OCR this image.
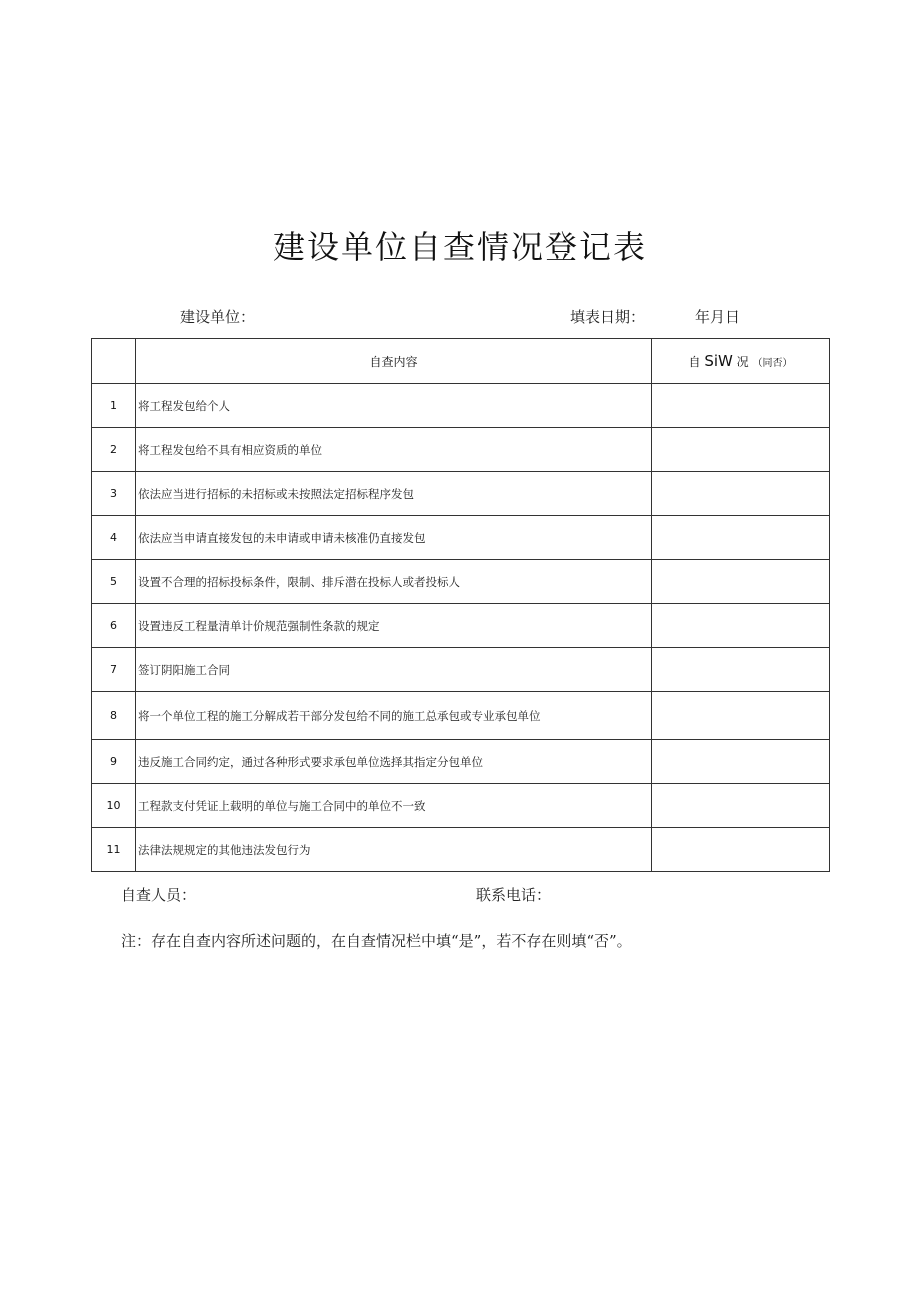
建设单位自查情况登记表
建设单位：	填表日期：	年月日
	自查内容	自 SiW 况 （同否）
1	将工程发包给个人	
2	将工程发包给不具有相应资质的单位	
3	依法应当进行招标的未招标或未按照法定招标程序发包	
4	依法应当申请直接发包的未申请或申请未核准仍直接发包	
5	设置不合理的招标投标条件，限制、排斥潜在投标人或者投标人	
6	设置违反工程量清单计价规范强制性条款的规定	
7	签订阴阳施工合同	
8	将一个单位工程的施工分解成若干部分发包给不同的施工总承包或专业承包单位	
9	违反施工合同约定，通过各种形式要求承包单位选择其指定分包单位	
10	工程款支付凭证上载明的单位与施工合同中的单位不一致	
11	法律法规规定的其他违法发包行为	
自查人员：	联系电话：
注：存在自查内容所述问题的，在自查情况栏中填“是”，若不存在则填“否”。
